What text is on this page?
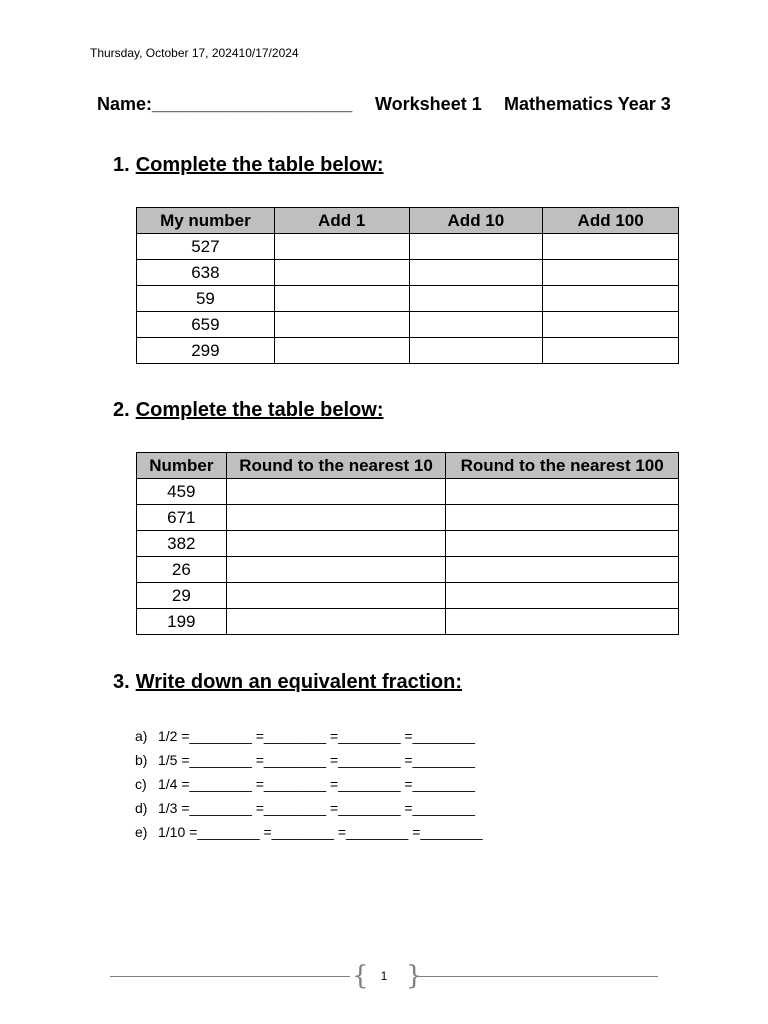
Thursday, October 17, 202410/17/2024
Name:____________________ Worksheet 1 Mathematics Year 3
1. Complete the table below:
My number	Add 1	Add 10	Add 100
527			
638			
59			
659			
299			
2. Complete the table below:
Number	Round to the nearest 10	Round to the nearest 100
459		
671		
382		
26		
29		
199		
3. Write down an equivalent fraction:
a) 1/2 =________ =________ =________ =________
b) 1/5 =________ =________ =________ =________
c) 1/4 =________ =________ =________ =________
d) 1/3 =________ =________ =________ =________
e) 1/10 =________ =________ =________ =________
{	1 }
